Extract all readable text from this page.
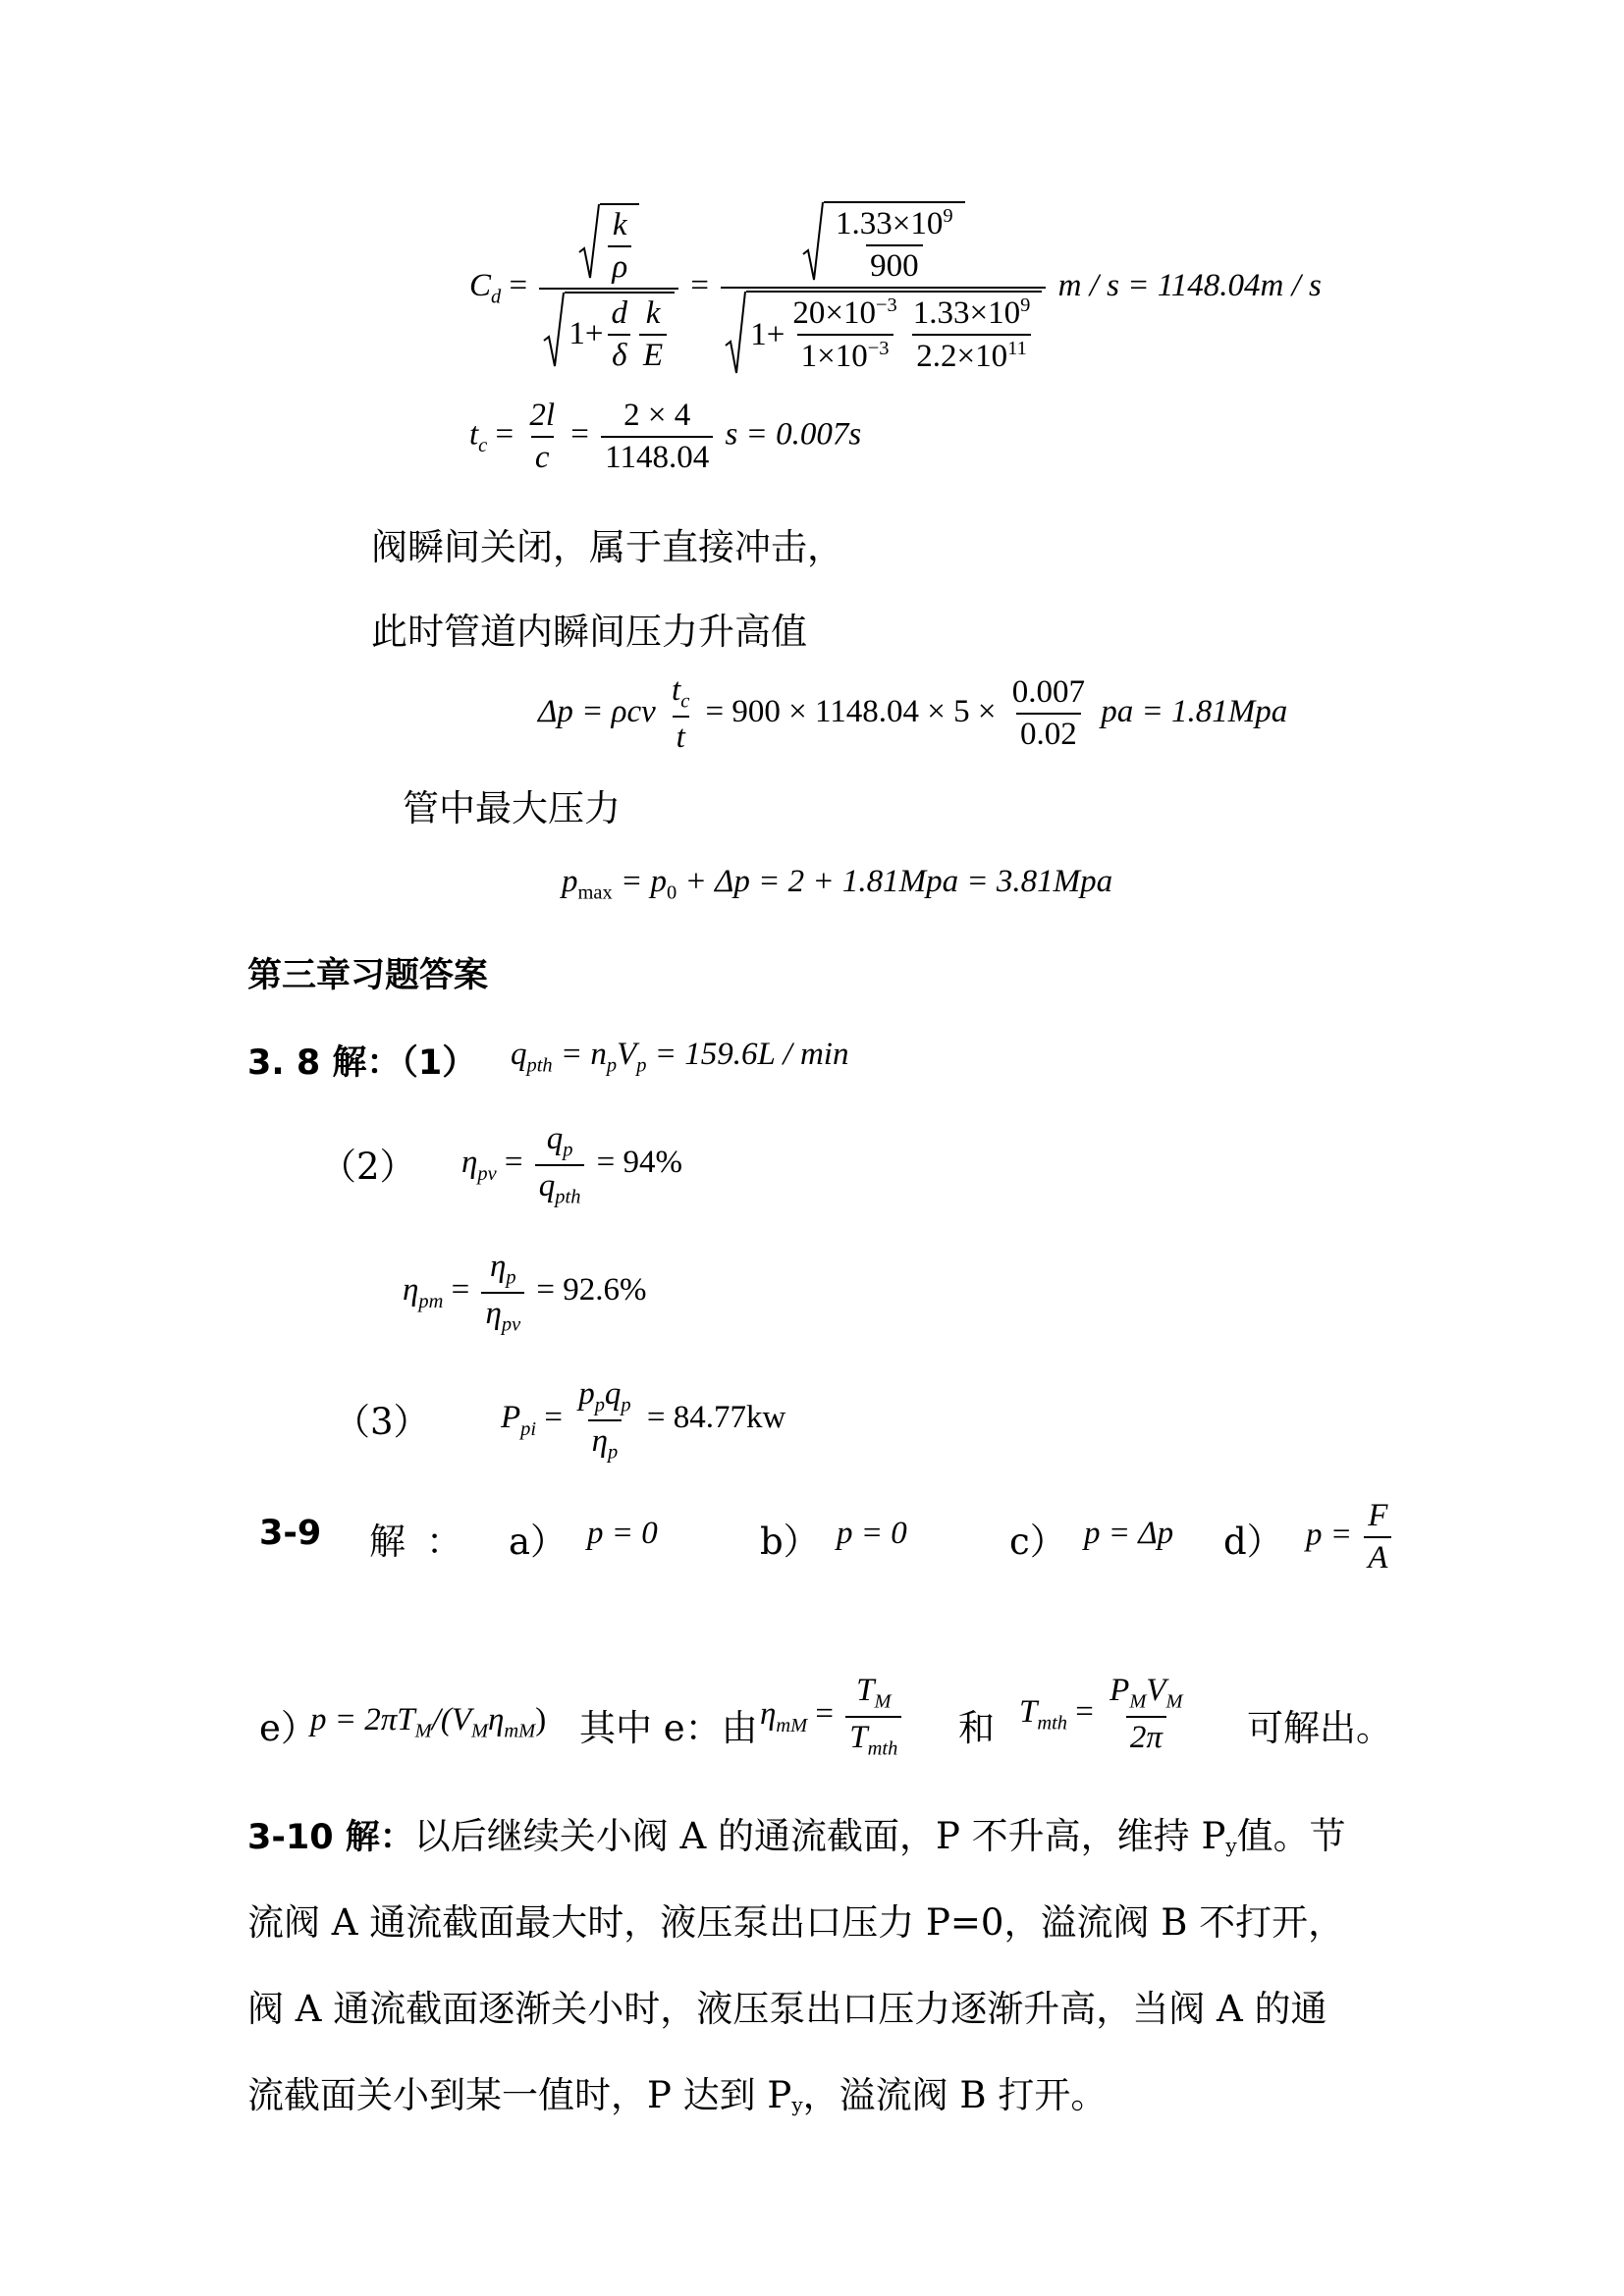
$C_d = \frac{\frac{k}{\rho}}{1+ \frac{d}{\delta} \frac{k}{E}} = \frac{\frac{1.33\times 10^9}{900}}{1+ \frac{20\times 10^{-3}}{1\times 10^{-3}} \frac{1.33\times 10^9}{2.2\times 10^{11}}}$ m / s = 1148.04m / s
$t_c = \frac{2l}{c} = \frac{2 \times 4}{1148.04}$ s = 0.007s
阀瞬间关闭，属于直接冲击，
此时管道内瞬间压力升高值
Δp = ρcv $\frac{t_c}{t} = 900 \times 1148.04 \times 5 \times \frac{0.007}{0.02}$ pa = 1.81Mpa
管中最大压力
$p_{max} = p_0 + \Delta p = 2 + 1.81Mpa = 3.81Mpa$
第三章习题答案
3. 8 解：（1） $q_{pth} = n_pV_p = 159.6L / \min$
（2） $\eta_{pv} = \frac{q_p}{q_{pth}} = 94\%$
$\eta_{pm} = \frac{\eta_p}{\eta_{pv}} = 92.6\%$
（3） $P_{pi} = \frac{p_pq_p}{\eta_p} = 84.77kw$
3-9 解 ： a） p = 0	b） p = 0	c） p = Δp d） $p = \frac{F}{A}$
e）
$p = 2\pi T_M/(V_M\eta_{mM})$ 其中 e：由 $\eta_{mM} = \frac{T_M}{T_{mth}}$ 和 $T_{mth} = \frac{P_MV_M}{2\pi}$ 可解出。
3-10 解：以后继续关小阀 A 的通流截面，P 不升高，维持 $P_y$值。节
流阀 A 通流截面最大时，液压泵出口压力 P=0，溢流阀 B 不打开，
阀 A 通流截面逐渐关小时，液压泵出口压力逐渐升高，当阀 A 的通
流截面关小到某一值时，P 达到 $P_y$，溢流阀 B 打开。
